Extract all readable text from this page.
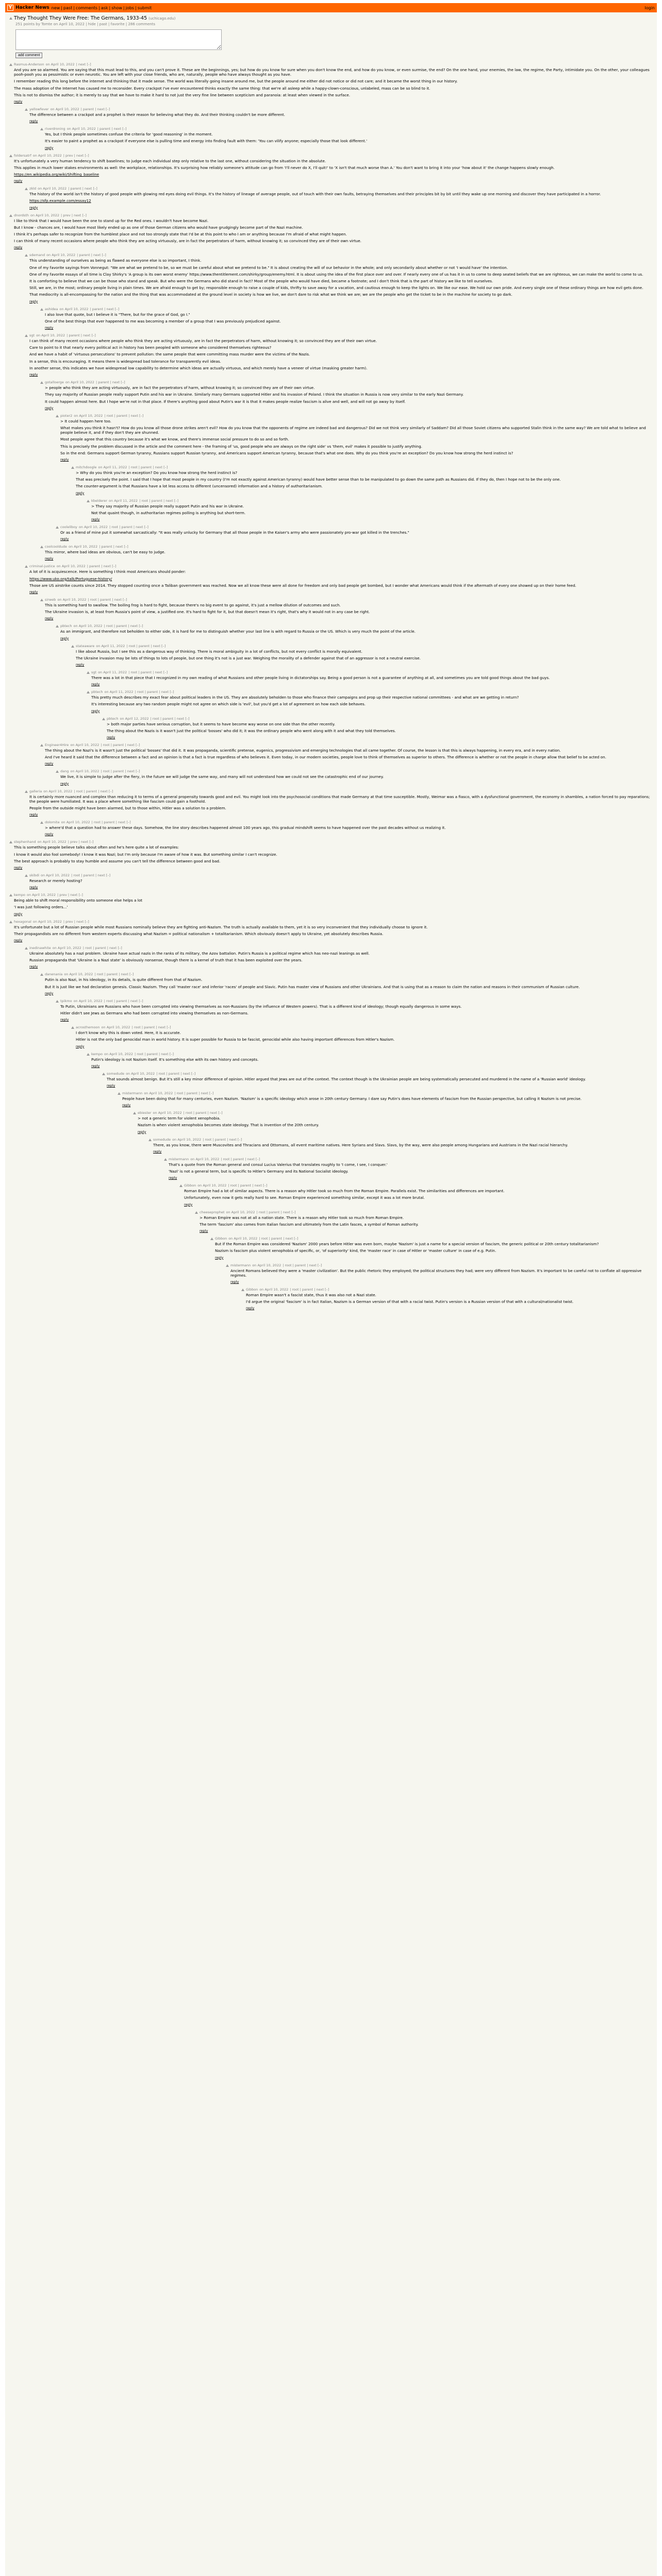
Y Hacker News new | past | comments | ask | show | jobs | submit	login
They Thought They Were Free: The Germans, 1933-45 (uchicago.edu)
251 points by Tomte on April 10, 2022 | hide | past | favorite | 286 comments

add comment
Rasmus-Anderson on April 10, 2022 | next [–]

And you are so alarmed. You are saying that this must lead to this, and you can't prove it. These are the beginnings, yes; but how do you know for sure when you don't know the end, and how do you know, or even surmise, the end? On the one hand, your enemies, the law, the regime, the Party, intimidate you. On the other, your colleagues pooh-pooh you as pessimistic or even neurotic. You are left with your close friends, who are, naturally, people who have always thought as you have.

I remember reading this long before the internet and thinking that it made sense. The world was literally going insane around me, but the people around me either did not notice or did not care; and it became the worst thing in our history.

The mass adoption of the Internet has caused me to reconsider. Every crackpot I've ever encountered thinks exactly the same thing: that we're all asleep while a happy-clown-conscious, unlabeled, mass can be so blind to it.

This is not to dismiss the author; it is merely to say that we have to make it hard to not just the very fine line between scepticism and paranoia: at least when viewed in the surface.

reply
yellowfever on April 10, 2022 | parent | next [–]

The difference between a crackpot and a prophet is their reason for believing what they do. And their thinking couldn't be more different.

reply
riverdroning on April 10, 2022 | parent | next [–]

Yes, but I think people sometimes confuse the criteria for 'good reasoning' in the moment.

It's easier to paint a prophet as a crackpot if everyone else is pulling time and energy into finding fault with them: 'You can vilify anyone; especially those that look different.'

reply
foldersatrf on April 10, 2022 | prev | next [–]

It's unfortunately a very human tendency to shift baselines; to judge each individual step only relative to the last one, without considering the situation in the absolute.

This applies in much lower stakes environments as well: the workplace, relationships. It's surprising how reliably someone's attitude can go from 'I'll never do X, I'll quit!' to 'X isn't that much worse than A.' You don't want to bring it into your 'how about it' the change happens slowly enough.

https://en.wikipedia.org/wiki/Shifting_baseline

reply
zkld on April 10, 2022 | parent | next [–]

The history of the world isn't the history of good people with glowing red eyes doing evil things. It's the history of lineage of average people, out of touch with their own faults, betraying themselves and their principles bit by bit until they wake up one morning and discover they have participated in a horror.

https://sfp.example.com/essay12

reply
dnordsth on April 10, 2022 | prev | next [–]

I like to think that I would have been the one to stand up for the Red ones. I wouldn't have become Nazi.

But I know - chances are, I would have most likely ended up as one of those German citizens who would have grudgingly become part of the Nazi machine.

I think it's perhaps safer to recognize from the humblest place and not too strongly state that I'd be at this point to who I am or anything because I'm afraid of what might happen.

I can think of many recent occasions where people who think they are acting virtuously, are in fact the perpetrators of harm, without knowing it; so convinced they are of their own virtue.

reply
sdemand on April 10, 2022 | parent | next [–]

This understanding of ourselves as being as flawed as everyone else is so important, I think.

One of my favorite sayings from Vonnegut: "We are what we pretend to be, so we must be careful about what we pretend to be." It is about creating the will of our behavior in the whole; and only secondarily about whether or not 'I would have' the intention.

One of my favorite essays of all time is Clay Shirky's 'A group is its own worst enemy' https://www.thentitlement.com/shirky/group/enemy.html. It is about using the idea of the first place over and over. If nearly every one of us has it in us to come to deep seated beliefs that we are righteous, we can make the world to come to us.

It is comforting to believe that we can be those who stand and speak. But who were the Germans who did stand in fact? Most of the people who would have died, became a footnote; and I don't think that is the part of history we like to tell ourselves.

Still, we are, in the most; ordinary people living in plain times. We are afraid enough to get by; responsible enough to raise a couple of kids, thrifty to save away for a vacation, and cautious enough to keep the lights on. We like our ease. We hold our own pride. And every single one of these ordinary things are how evil gets done.

That mediocrity is all-encompassing for the nation and the thing that was accommodated at the ground level in society is how we live, we don't dare to risk what we think we are; we are the people who get the ticket to be in the machine for society to go dark.

reply
ashidea on April 10, 2022 | parent | next [–]

I also love that quote, but I believe it is "There, but for the grace of God, go I."

One of the best things that ever happened to me was becoming a member of a group that I was previously prejudiced against.

reply
sgt on April 10, 2022 | parent | next [–]

I can think of many recent occasions where people who think they are acting virtuously, are in fact the perpetrators of harm, without knowing it; so convinced they are of their own virtue.

Care to point to it that nearly every political act in history has been peopled with someone who considered themselves righteous?

And we have a habit of 'virtuous persecutions' to prevent pollution: the same people that were committing mass murder were the victims of the Nazis.

In a sense, this is encouraging. It means there is widespread bad tolerance for transparently evil ideas.

In another sense, this indicates we have widespread low capability to determine which ideas are actually virtuous, and which merely have a veneer of virtue (masking greater harm).

reply
gotalloerge on April 10, 2022 | parent | next [–]

> people who think they are acting virtuously, are in fact the perpetrators of harm, without knowing it; so convinced they are of their own virtue.

They say majority of Russian people really support Putin and his war in Ukraine. Similarly many Germans supported Hitler and his invasion of Poland. I think the situation in Russia is now very similar to the early Nazi Germany.

It could happen almost here. But I hope we're not in that place. If there's anything good about Putin's war it is that it makes people realize fascism is alive and well, and will not go away by itself.

reply
pioter2 on April 10, 2022 | root | parent | next [–]

> It could happen here too.

What makes you think it hasn't? How do you know all those drone strikes aren't evil? How do you know that the opponents of regime are indeed bad and dangerous? Did we not think very similarly of Saddam? Did all those Soviet citizens who supported Stalin think in the same way? We are told what to believe and people believe it, and if they don't they are shunned.

Most people agree that this country because it's what we know, and there's immense social pressure to do so and so forth.

This is precisely the problem discussed in the article and the comment here - the framing of 'us, good people who are always on the right side' vs 'them, evil' makes it possible to justify anything.

So in the end: Germans support German tyranny, Russians support Russian tyranny, and Americans support American tyranny, because that's what one does. Why do you think you're an exception? Do you know how strong the herd instinct is?

reply
mitchdoogle on April 11, 2022 | root | parent | next [–]

> Why do you think you're an exception? Do you know how strong the herd instinct is?

That was precisely the point. I said that I hope that most people in my country (I'm not exactly against American tyranny) would have better sense than to be manipulated to go down the same path as Russians did. If they do, then I hope not to be the only one.

The counter-argument is that Russians have a lot less access to different (uncensored) information and a history of authoritarianism.

reply
kbelderer on April 11, 2022 | root | parent | next [–]

> They say majority of Russian people really support Putin and his war in Ukraine.

Not that quaint though, in authoritarian regimes polling is anything but short-term.

reply
cooleliboy on April 10, 2022 | root | parent | next [–]

Or as a friend of mine put it somewhat sarcastically: "It was really unlucky for Germany that all those people in the Kaiser's army who were passionately pro-war got killed in the trenches."

reply
coolcooldude on April 10, 2022 | parent | next [–]

This mirror, where bad ideas are obvious, can't be easy to judge.

reply
criminal-justice on April 10, 2022 | parent | next [–]

A lot of it is acquiescence. Here is something I think most Americans should ponder:

https://www.uko.org/talk/Portuguese-history/

Those are US airstrike counts since 2014. They stopped counting once a Taliban government was reached. Now we all know these were all done for freedom and only bad people get bombed, but I wonder what Americans would think if the aftermath of every one showed up on their home feed.

reply
sirweb on April 10, 2022 | root | parent | next [–]

This is something hard to swallow. The boiling frog is hard to fight, because there's no big event to go against, it's just a mellow dilution of outcomes and such.

The Ukraine invasion is, at least from Russia's point of view, a justified one. It's hard to fight for it, but that doesn't mean it's right, that's why it would not in any case be right.

reply
pbtech on April 10, 2022 | root | parent | next [–]

As an immigrant, and therefore not beholden to either side, it is hard for me to distinguish whether your last line is with regard to Russia or the US. Which is very much the point of the article.

reply
stateaware on April 11, 2022 | root | parent | next [–]

I like about Russia, but I see this as a dangerous way of thinking. There is moral ambiguity in a lot of conflicts, but not every conflict is morally equivalent.

The Ukraine invasion may be lots of things to lots of people, but one thing it's not is a just war. Weighing the morality of a defender against that of an aggressor is not a neutral exercise.

reply
sgt on April 11, 2022 | root | parent | next [–]

There was a lot in that piece that I recognized in my own reading of what Russians and other people living in dictatorships say. Being a good person is not a guarantee of anything at all, and sometimes you are told good things about the bad guys.

reply
pbtech on April 11, 2022 | root | parent | next [–]

This pretty much describes my exact fear about political leaders in the US. They are absolutely beholden to those who finance their campaigns and prop up their respective national committees - and what are we getting in return?

It's interesting because any two random people might not agree on which side is 'evil', but you'd get a lot of agreement on how each side behaves.

reply
pbtech on April 12, 2022 | root | parent | next [–]

> both major parties have serious corruption, but it seems to have become way worse on one side than the other recently.

The thing about the Nazis is it wasn't just the political 'bosses' who did it; it was the ordinary people who went along with it and what they told themselves.

reply
Engineer4Hire on April 10, 2022 | root | parent | next [–]

The thing about the Nazi's is it wasn't just the political 'bosses' that did it. It was propaganda, scientific pretense, eugenics, progressivism and emerging technologies that all came together. Of course, the lesson is that this is always happening, in every era, and in every nation.

And I've heard it said that the difference between a fact and an opinion is that a fact is true regardless of who believes it. Even today, in our modern societies, people love to think of themselves as superior to others. The difference is whether or not the people in charge allow that belief to be acted on.

reply
dang on April 10, 2022 | root | parent | next [–]

We live, it is simple to judge after the fiery, in the future we will judge the same way, and many will not understand how we could not see the catastrophic end of our journey.

reply
galleria on April 10, 2022 | root | parent | next [–]

It is certainly more nuanced and complex than reducing it to terms of a general propensity towards good and evil. You might look into the psychosocial conditions that made Germany at that time susceptible. Mostly, Weimar was a fiasco, with a dysfunctional government, the economy in shambles, a nation forced to pay reparations; the people were humiliated. It was a place where something like fascism could gain a foothold.

People from the outside might have been alarmed, but to those within, Hitler was a solution to a problem.

reply
dolomite on April 10, 2022 | root | parent | next [–]

> where'd that a question had to answer these days. Somehow, the line story describes happened almost 100 years ago, this gradual mindshift seems to have happened over the past decades without us realizing it.

reply
stephenhand on April 10, 2022 | prev | next [–]

This is something people believe talks about often and he's here quite a lot of examples:

I know it would also fool somebody! I know it was Nazi; but I'm only because I'm aware of how it was. But something similar I can't recognize.

The best approach is probably to stay humble and assume you can't tell the difference between good and bad.

reply
skibdi on April 10, 2022 | root | parent | next [–]

Research or merely hosting?

reply
kempo on April 10, 2022 | prev | next [–]

Being able to shift moral responsibility onto someone else helps a lot

'I was just following orders...'

reply
hexagonal on April 10, 2022 | prev | next [–]

It's unfortunate but a lot of Russian people while most Russians nominally believe they are fighting anti-Nazism. The truth is actually available to them, yet it is so very inconvenient that they individually choose to ignore it.

Their propagandists are no different from western experts discussing what Nazism = political nationalism + totalitarianism. Which obviously doesn't apply to Ukraine, yet absolutely describes Russia.

reply
inedinawhite on April 10, 2022 | root | parent | next [–]

Ukraine absolutely has a nazi problem. Ukraine have actual nazis in the ranks of its military, the Azov battalion. Putin's Russia is a political regime which has neo-nazi leanings as well.

Russian propaganda that 'Ukraine is a Nazi state' is obviously nonsense, though there is a kernel of truth that it has been exploited over the years.

reply
danenania on April 10, 2022 | root | parent | next [–]

Putin is also Nazi, in his ideology, in its details, is quite different from that of Nazism.

But it is just like we had declaration genesis. Classic Nazism. They call 'master race' and inferior 'races' of people and Slavic. Putin has master view of Russians and other Ukrainians. And that is using that as a reason to claim the nation and reasons in their communism of Russian culture.

reply
tpikmo on April 10, 2022 | root | parent | next [–]

To Putin, Ukrainians are Russians who have been corrupted into viewing themselves as non-Russians (by the influence of Western powers). That is a different kind of ideology; though equally dangerous in some ways.

Hitler didn't see Jews as Germans who had been corrupted into viewing themselves as non-Germans.

reply
acrosthemoon on April 10, 2022 | root | parent | next [–]

I don't know why this is down voted. Here, it is accurate.

Hitler is not the only bad genocidal man in world history. It is super possible for Russia to be fascist, genocidal while also having important differences from Hitler's Nazism.

reply
kempo on April 10, 2022 | root | parent | next [–]

Putin's ideology is not Nazism itself. It's something else with its own history and concepts.

reply
somedude on April 10, 2022 | root | parent | next [–]

That sounds almost benign. But it's still a key minor difference of opinion. Hitler argued that Jews are out of the context. The context though is the Ukrainian people are being systematically persecuted and murdered in the name of a 'Russian world' ideology.

reply
mistermann on April 10, 2022 | root | parent | next [–]

People have been doing that for many centuries, even Nazism. 'Nazism' is a specific ideology which arose in 20th century Germany. I dare say Putin's does have elements of fascism from the Russian perspective, but calling it Nazism is not precise.

reply
ebiester on April 10, 2022 | root | parent | next [–]

> not a generic term for violent xenophobia.

Nazism is when violent xenophobia becomes state ideology. That is invention of the 20th century.

reply
somedude on April 10, 2022 | root | parent | next [–]

There, as you know, there were Muscovites and Thracians and Ottomans, all event maritime natives. Here Syrians and Slavs. Slavs, by the way, were also people among Hungarians and Austrians in the Nazi racial hierarchy.

reply
mistermann on April 10, 2022 | root | parent | next [–]

That's a quote from the Roman general and consul Lucius Valerius that translates roughly to 'I come, I see, I conquer.'

'Nazi' is not a general term, but is specific to Hitler's Germany and its National Socialist ideology.

reply
Gibbon on April 10, 2022 | root | parent | next [–]

Roman Empire had a lot of similar aspects. There is a reason why Hitler took so much from the Roman Empire. Parallels exist. The similarities and differences are important.

Unfortunately, even now it gets really hard to see. Roman Empire experienced something similar, except it was a lot more brutal.

reply
cheeseprophet on April 10, 2022 | root | parent | next [–]

> Roman Empire was not at all a nation state. There is a reason why Hitler took so much from Roman Empire.

The term 'fascism' also comes from Italian fascism and ultimately from the Latin fasces, a symbol of Roman authority.

reply
Gibbon on April 10, 2022 | root | parent | next [–]

But if the Roman Empire was considered 'Nazism' 2000 years before Hitler was even born, maybe 'Nazism' is just a name for a special version of fascism, the generic political or 20th century totalitarianism?

Nazism is fascism plus violent xenophobia of specific, or, 'of superiority' kind, the 'master race' in case of Hitler or 'master culture' in case of e.g. Putin.

reply
mistermann on April 10, 2022 | root | parent | next [–]

Ancient Romans believed they were a 'master civilization'. But the public rhetoric they employed; the political structures they had; were very different from Nazism. It's important to be careful not to conflate all oppressive regimes.

reply
Gibbon on April 10, 2022 | root | parent | next [–]

Roman Empire wasn't a fascist state, thus it was also not a Nazi state.

I'd argue the original 'fascism' is in fact Italian, Nazism is a German version of that with a racial twist. Putin's version is a Russian version of that with a cultural/nationalist twist.

reply
